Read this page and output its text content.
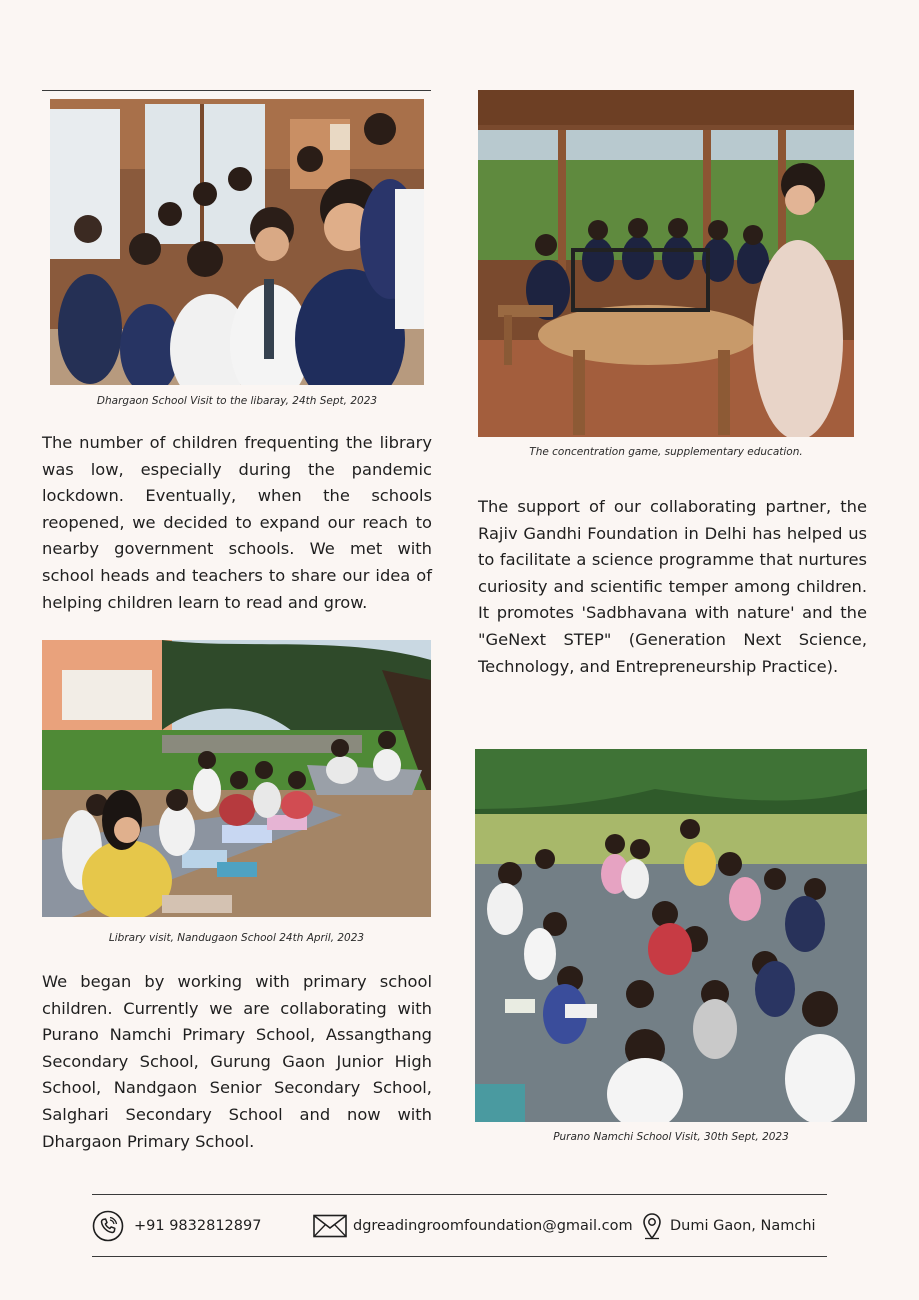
Dhargaon School Visit to the libaray, 24th Sept, 2023
The concentration game, supplementary education.

The number of children frequenting the library was low, especially during the pandemic lockdown. Eventually, when the schools reopened, we decided to expand our reach to nearby government schools. We met with school heads and teachers to share our idea of helping children learn to read and grow.

The support of our collaborating partner, the Rajiv Gandhi Foundation in Delhi has helped us to facilitate a science programme that nurtures curiosity and scientific temper among children. It promotes 'Sadbhavana with nature' and the "GeNext STEP" (Generation Next Science, Technology, and Entrepreneurship Practice).

Library visit, Nandugaon School 24th April, 2023
Purano Namchi School Visit, 30th Sept, 2023

We began by working with primary school children. Currently we are collaborating with Purano Namchi Primary School, Assangthang Secondary School, Gurung Gaon Junior High School, Nandgaon Senior Secondary School, Salghari Secondary School and now with Dhargaon Primary School.

+91 9832812897	dgreadingroomfoundation@gmail.com	Dumi Gaon, Namchi
